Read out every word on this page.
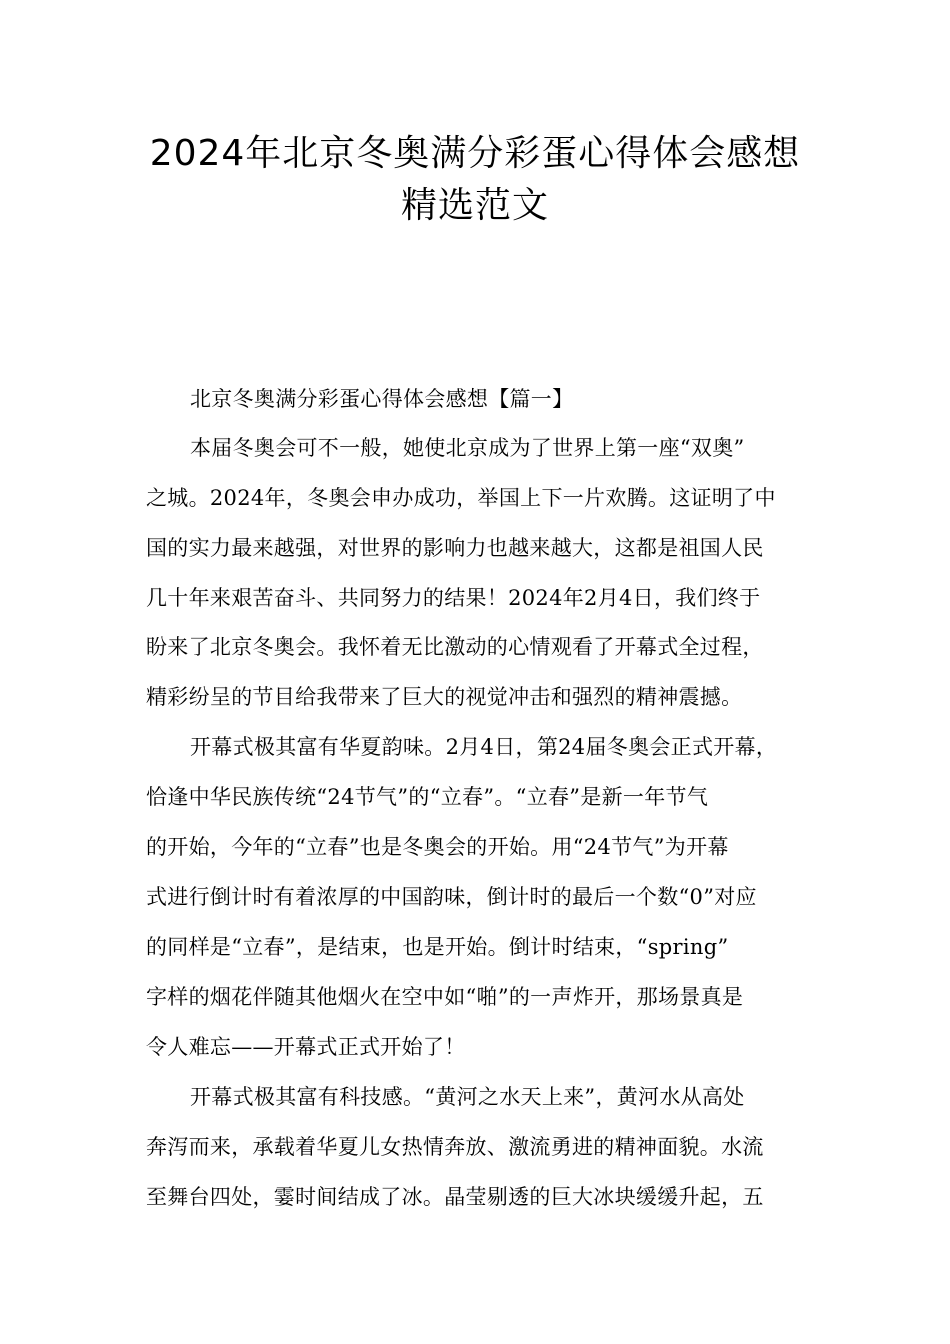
2024年北京冬奥满分彩蛋心得体会感想
精选范文
北京冬奥满分彩蛋心得体会感想【篇一】
本届冬奥会可不一般，她使北京成为了世界上第一座“双奥”
之城。2024年，冬奥会申办成功，举国上下一片欢腾。这证明了中
国的实力最来越强，对世界的影响力也越来越大，这都是祖国人民
几十年来艰苦奋斗、共同努力的结果！2024年2月4日，我们终于
盼来了北京冬奥会。我怀着无比激动的心情观看了开幕式全过程，
精彩纷呈的节目给我带来了巨大的视觉冲击和强烈的精神震撼。
开幕式极其富有华夏韵味。2月4日，第24届冬奥会正式开幕，
恰逢中华民族传统“24节气”的“立春”。“立春”是新一年节气
的开始，今年的“立春”也是冬奥会的开始。用“24节气”为开幕
式进行倒计时有着浓厚的中国韵味，倒计时的最后一个数“0”对应
的同样是“立春”，是结束，也是开始。倒计时结束，“spring”
字样的烟花伴随其他烟火在空中如“啪”的一声炸开，那场景真是
令人难忘——开幕式正式开始了！
开幕式极其富有科技感。“黄河之水天上来”，黄河水从高处
奔泻而来，承载着华夏儿女热情奔放、激流勇进的精神面貌。水流
至舞台四处，霎时间结成了冰。晶莹剔透的巨大冰块缓缓升起，五
